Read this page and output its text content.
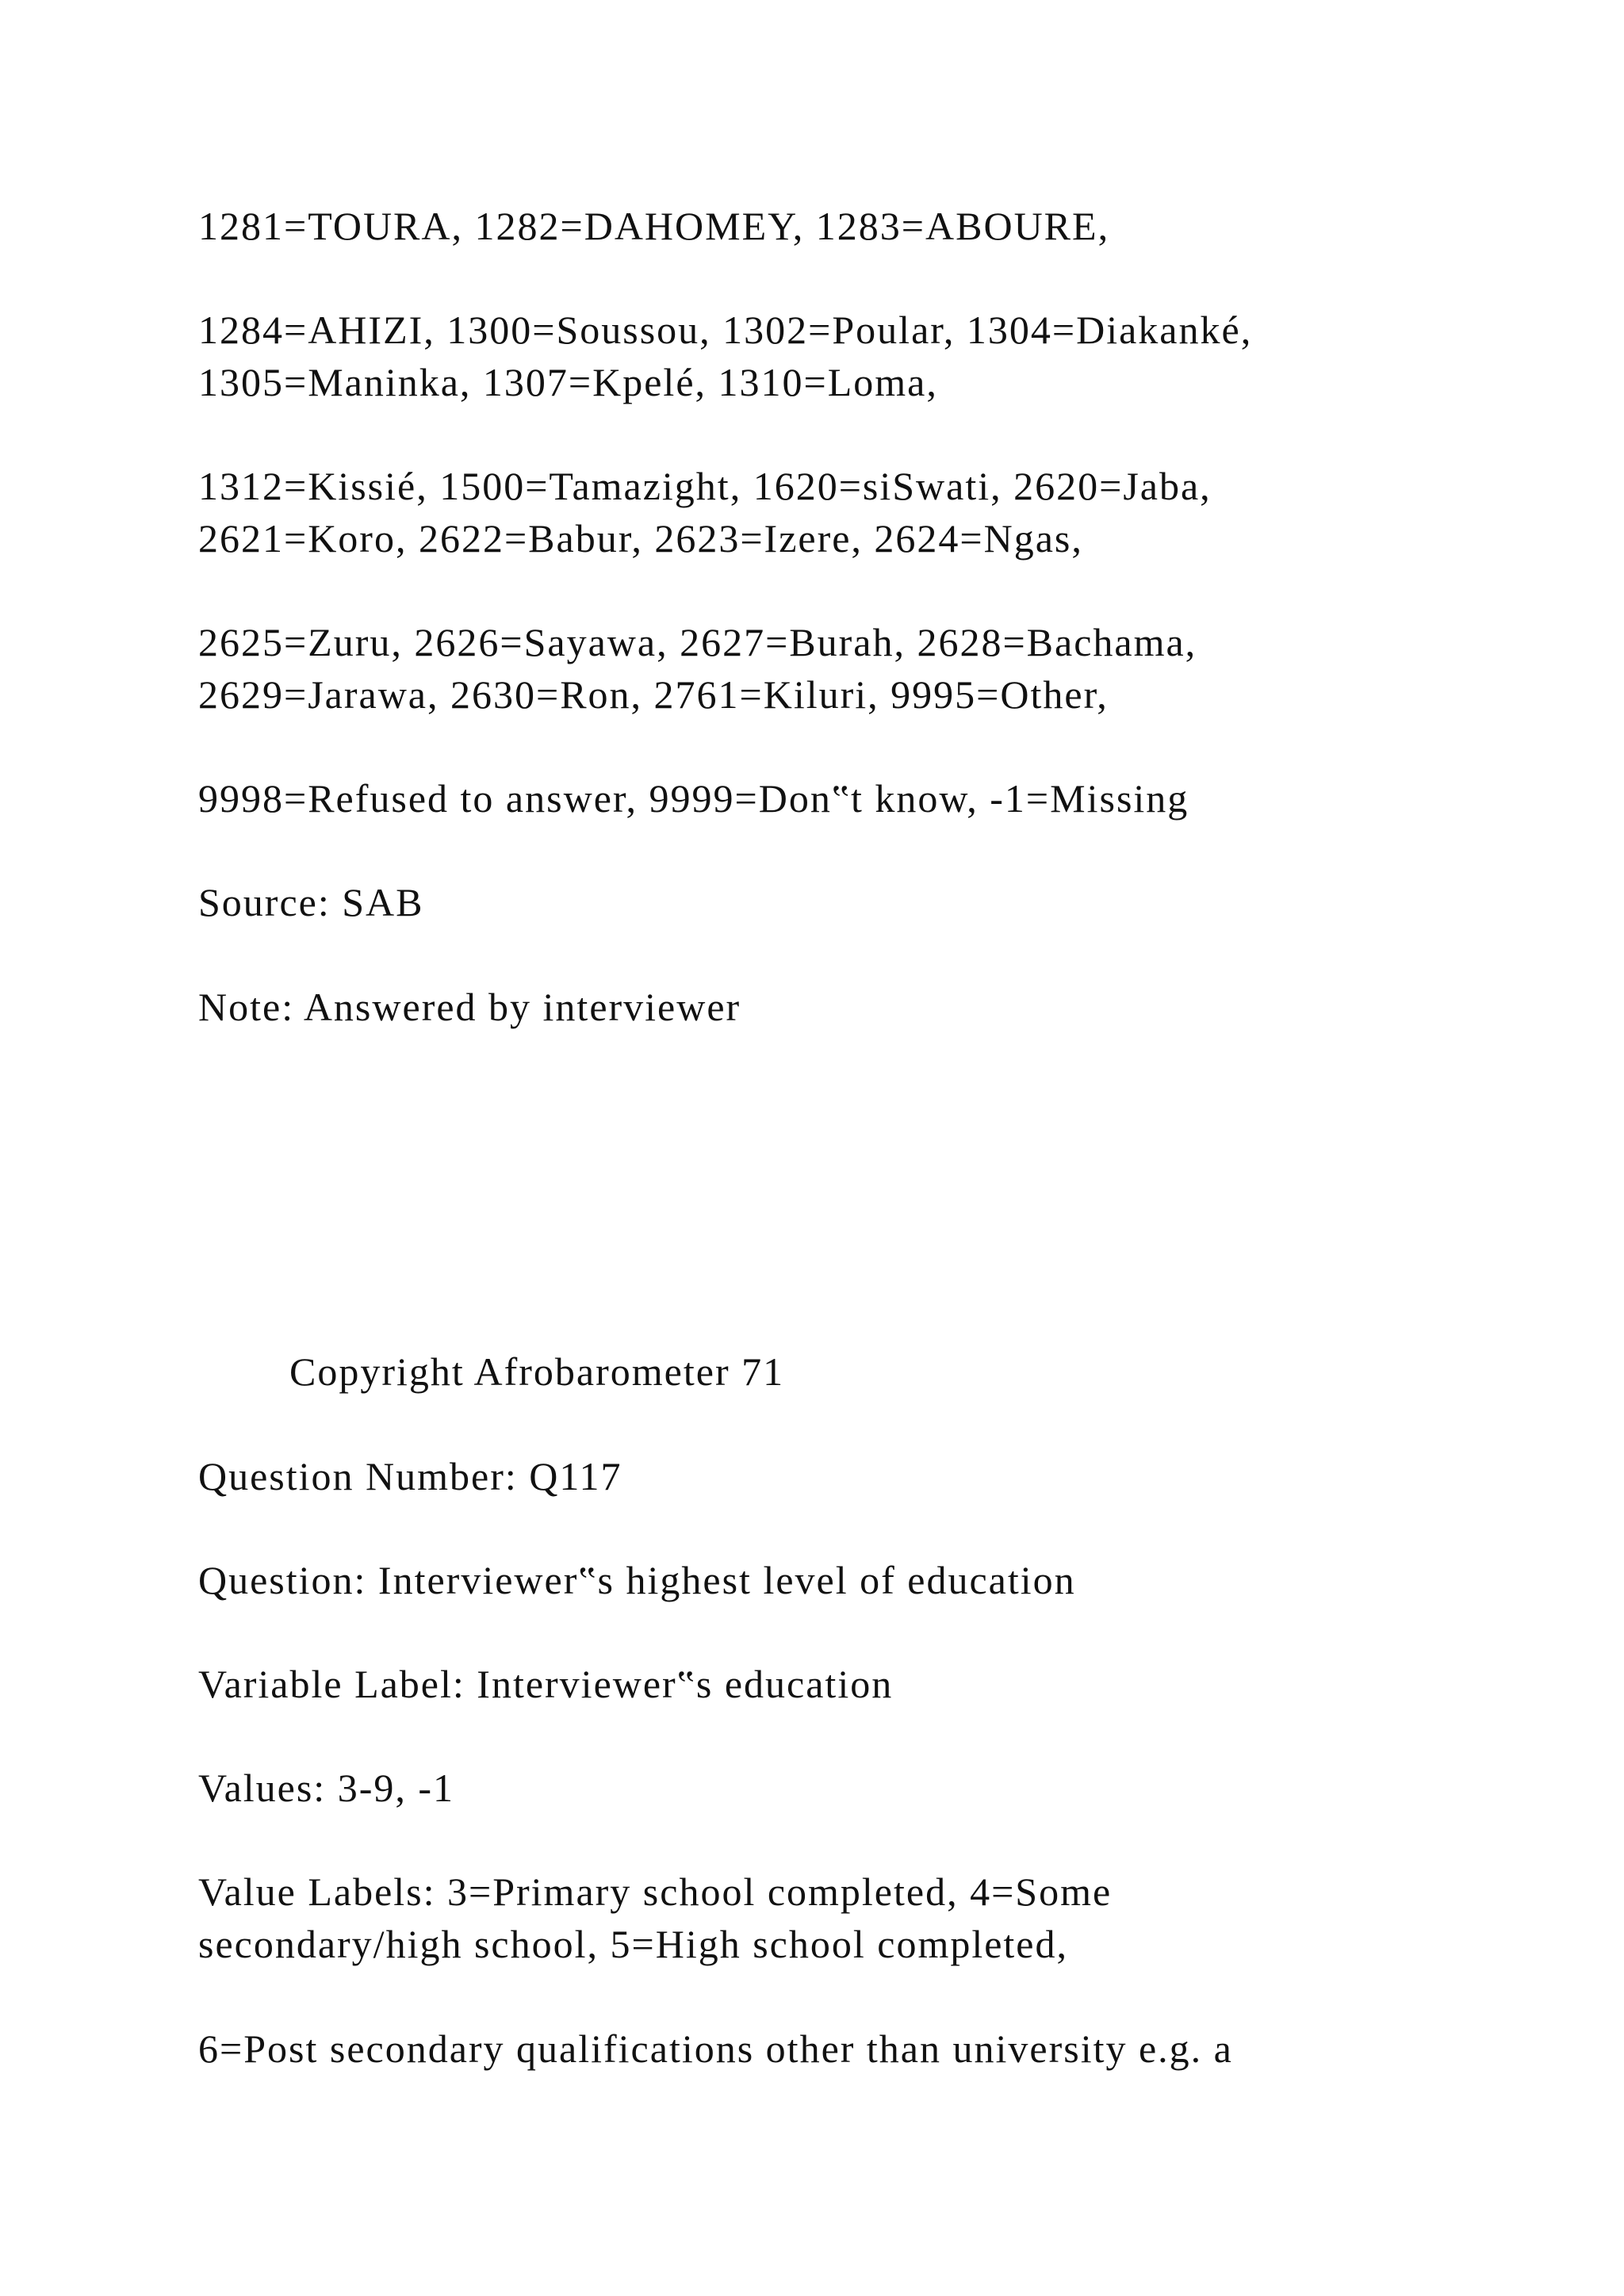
1281=TOURA, 1282=DAHOMEY, 1283=ABOURE,

1284=AHIZI, 1300=Soussou, 1302=Poular, 1304=Diakanké,
1305=Maninka, 1307=Kpelé, 1310=Loma,

1312=Kissié, 1500=Tamazight, 1620=siSwati, 2620=Jaba,
2621=Koro, 2622=Babur, 2623=Izere, 2624=Ngas,

2625=Zuru, 2626=Sayawa, 2627=Burah, 2628=Bachama,
2629=Jarawa, 2630=Ron, 2761=Kiluri, 9995=Other,

9998=Refused to answer, 9999=Don‟t know, -1=Missing

Source: SAB

Note: Answered by interviewer

Copyright Afrobarometer 71

Question Number: Q117

Question: Interviewer‟s highest level of education

Variable Label: Interviewer‟s education

Values: 3-9, -1

Value Labels: 3=Primary school completed, 4=Some
secondary/high school, 5=High school completed,

6=Post secondary qualifications other than university e.g. a
